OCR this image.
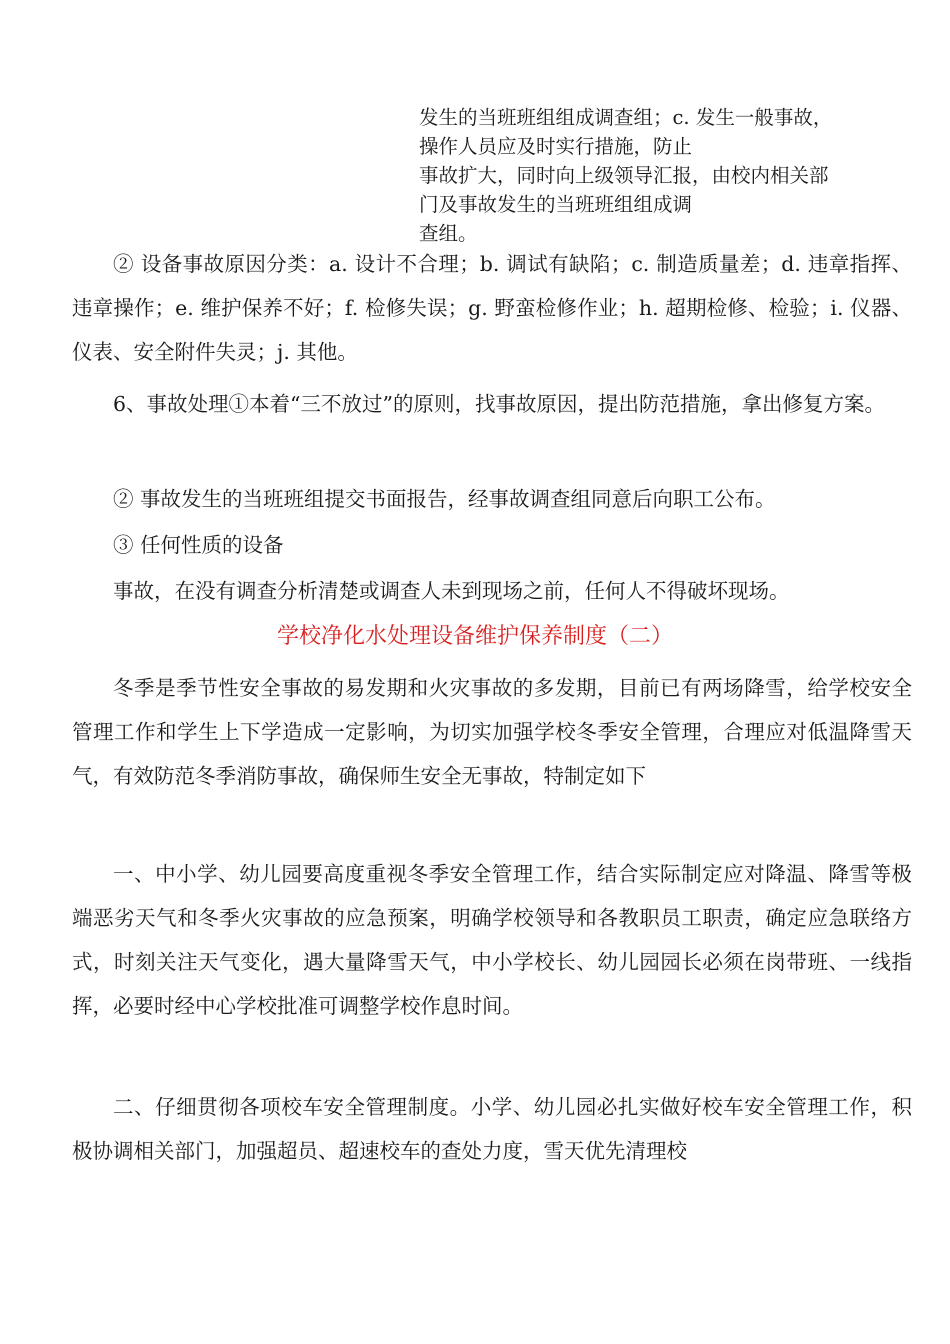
发生的当班班组组成调查组；c. 发生一般事故，
操作人员应及时实行措施，防止
事故扩大，同时向上级领导汇报，由校内相关部
门及事故发生的当班班组组成调
查组。
② 设备事故原因分类：a. 设计不合理；b. 调试有缺陷；c. 制造质量差；d. 违章指挥、违章操作；e. 维护保养不好；f. 检修失误；g. 野蛮检修作业；h. 超期检修、检验；i. 仪器、仪表、安全附件失灵；j. 其他。
6、事故处理①本着“三不放过”的原则，找事故原因，提出防范措施，拿出修复方案。
② 事故发生的当班班组提交书面报告，经事故调查组同意后向职工公布。
③ 任何性质的设备
事故，在没有调查分析清楚或调查人未到现场之前，任何人不得破坏现场。
学校净化水处理设备维护保养制度（二）
冬季是季节性安全事故的易发期和火灾事故的多发期，目前已有两场降雪，给学校安全管理工作和学生上下学造成一定影响，为切实加强学校冬季安全管理，合理应对低温降雪天气，有效防范冬季消防事故，确保师生安全无事故，特制定如下
一、中小学、幼儿园要高度重视冬季安全管理工作，结合实际制定应对降温、降雪等极端恶劣天气和冬季火灾事故的应急预案，明确学校领导和各教职员工职责，确定应急联络方式，时刻关注天气变化，遇大量降雪天气，中小学校长、幼儿园园长必须在岗带班、一线指挥，必要时经中心学校批准可调整学校作息时间。
二、仔细贯彻各项校车安全管理制度。小学、幼儿园必扎实做好校车安全管理工作，积极协调相关部门，加强超员、超速校车的查处力度，雪天优先清理校
